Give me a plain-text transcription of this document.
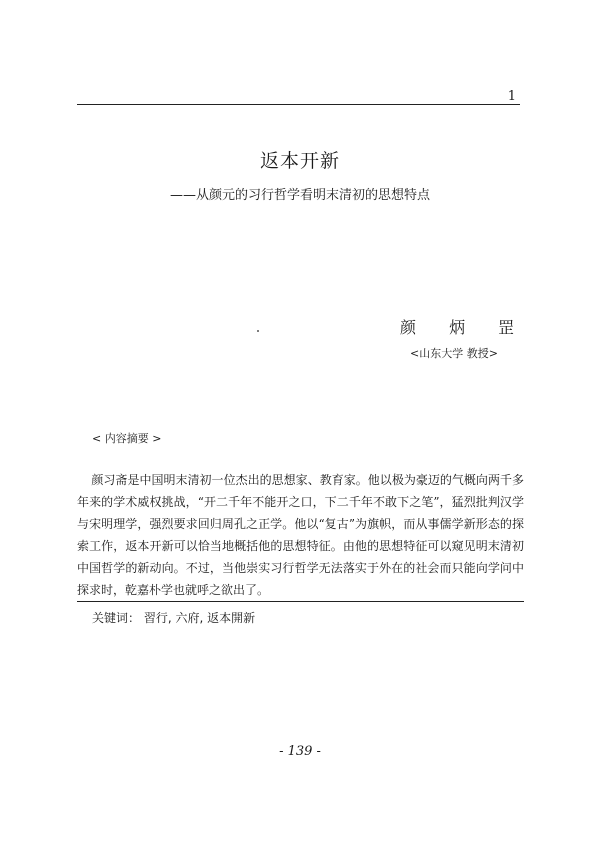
1
返本开新
——从颜元的习行哲学看明末清初的思想特点
颜 炳 罡
<山东大学 教授>
< 内容摘要 >

颜习斋是中国明末清初一位杰出的思想家、教育家。他以极为豪迈的气概向两千多年来的学术威权挑战，“开二千年不能开之口，下二千年不敢下之笔”，猛烈批判汉学与宋明理学，强烈要求回归周孔之正学。他以“复古”为旗帜，而从事儒学新形态的探索工作，返本开新可以恰当地概括他的思想特征。由他的思想特征可以窥见明末清初中国哲学的新动向。不过，当他崇实习行哲学无法落实于外在的社会而只能向学问中探求时，乾嘉朴学也就呼之欲出了。

关键词： 習行, 六府, 返本開新
- 139 -
